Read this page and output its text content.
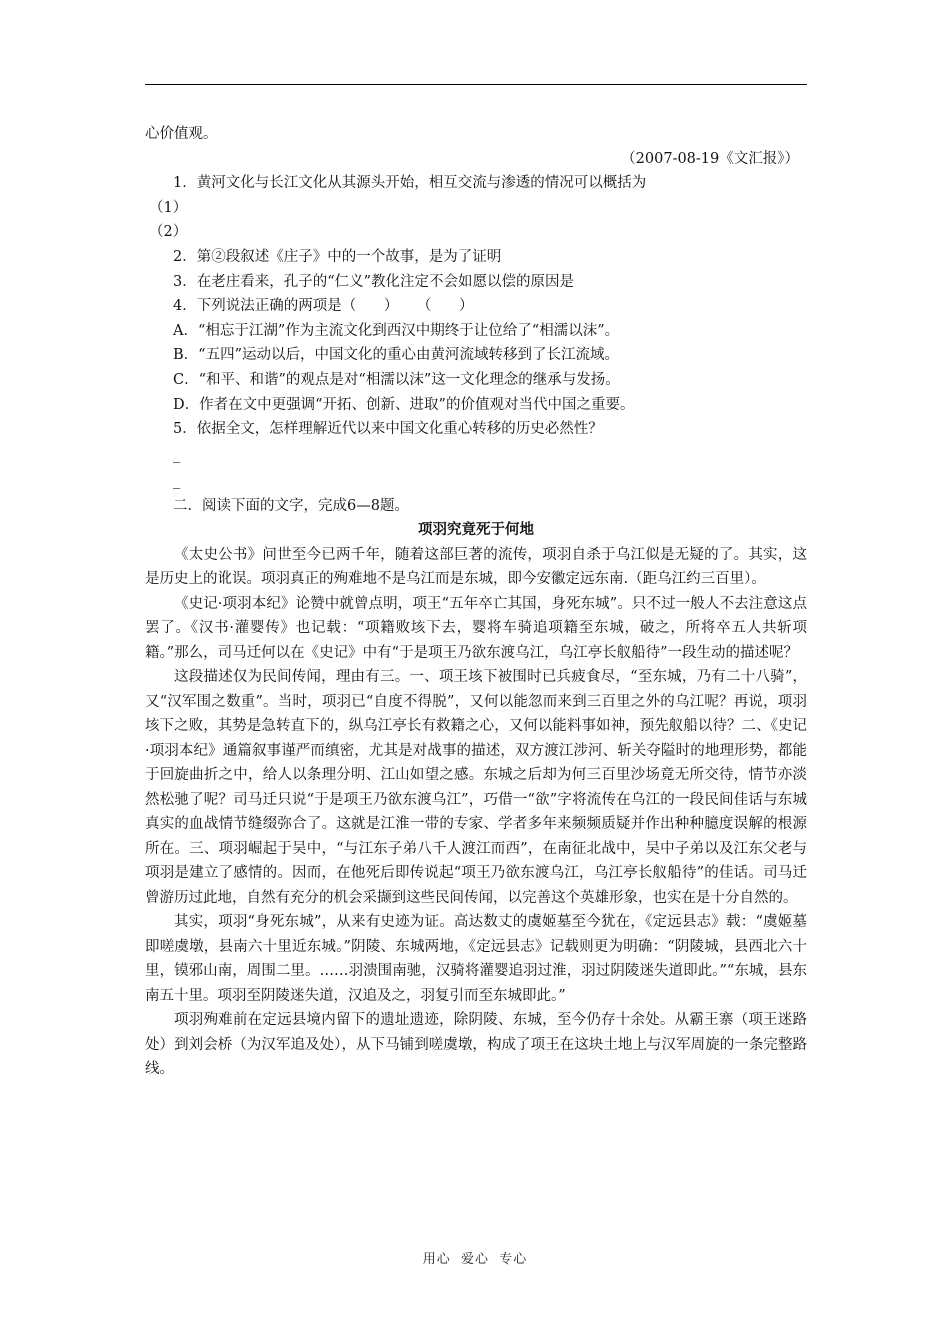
心价值观。
（2007-08-19《文汇报》）
1．黄河文化与长江文化从其源头开始，相互交流与渗透的情况可以概括为
（1）
（2）
2．第②段叙述《庄子》中的一个故事，是为了证明
3．在老庄看来，孔子的“仁义”教化注定不会如愿以偿的原因是
4．下列说法正确的两项是（      ）    （      ）
A．“相忘于江湖”作为主流文化到西汉中期终于让位给了“相濡以沫”。
B．“五四”运动以后，中国文化的重心由黄河流域转移到了长江流域。
C．“和平、和谐”的观点是对“相濡以沫”这一文化理念的继承与发扬。
D．作者在文中更强调“开拓、创新、进取”的价值观对当代中国之重要。
5．依据全文，怎样理解近代以来中国文化重心转移的历史必然性？
_
_
二．阅读下面的文字，完成6—8题。
项羽究竟死于何地

《太史公书》问世至今已两千年，随着这部巨著的流传，项羽自杀于乌江似是无疑的了。其实，这是历史上的讹误。项羽真正的殉难地不是乌江而是东城，即今安徽定远东南.（距乌江约三百里）。

《史记·项羽本纪》论赞中就曾点明，项王“五年卒亡其国，身死东城”。只不过一般人不去注意这点罢了。《汉书·灌婴传》也记载：“项籍败垓下去，婴将车骑追项籍至东城，破之，所将卒五人共斩项籍。”那么，司马迁何以在《史记》中有“于是项王乃欲东渡乌江，乌江亭长舣船待”一段生动的描述呢？

这段描述仅为民间传闻，理由有三。一、项王垓下被围时已兵疲食尽，“至东城，乃有二十八骑”，又“汉军围之数重”。当时，项羽已“自度不得脱”，又何以能忽而来到三百里之外的乌江呢？再说，项羽垓下之败，其势是急转直下的，纵乌江亭长有救籍之心，又何以能料事如神，预先舣船以待？二、《史记·项羽本纪》通篇叙事谨严而缜密，尤其是对战事的描述，双方渡江涉河、斩关夺隘时的地理形势，都能于回旋曲折之中，给人以条理分明、江山如望之感。东城之后却为何三百里沙场竟无所交待，情节亦淡然松驰了呢？司马迁只说“于是项王乃欲东渡乌江”，巧借一“欲”字将流传在乌江的一段民间佳话与东城真实的血战情节缝缀弥合了。这就是江淮一带的专家、学者多年来频频质疑并作出种种臆度误解的根源所在。三、项羽崛起于吴中，“与江东子弟八千人渡江而西”，在南征北战中，吴中子弟以及江东父老与项羽是建立了感情的。因而，在他死后即传说起“项王乃欲东渡乌江，乌江亭长舣船待”的佳话。司马迁曾游历过此地，自然有充分的机会采撷到这些民间传闻，以完善这个英雄形象，也实在是十分自然的。

其实，项羽“身死东城”，从来有史迹为证。高达数丈的虞姬墓至今犹在，《定远县志》载：“虞姬墓即嗟虞墩，县南六十里近东城。”阴陵、东城两地，《定远县志》记载则更为明确：“阴陵城，县西北六十里，镆邪山南，周围二里。……羽溃围南驰，汉骑将灌婴追羽过淮，羽过阴陵迷失道即此。”“东城，县东南五十里。项羽至阴陵迷失道，汉追及之，羽复引而至东城即此。”

项羽殉难前在定远县境内留下的遗址遗迹，除阴陵、东城，至今仍存十余处。从霸王寨（项王迷路处）到刘会桥（为汉军追及处），从下马铺到嗟虞墩，构成了项王在这块土地上与汉军周旋的一条完整路线。

用心  爱心  专心
